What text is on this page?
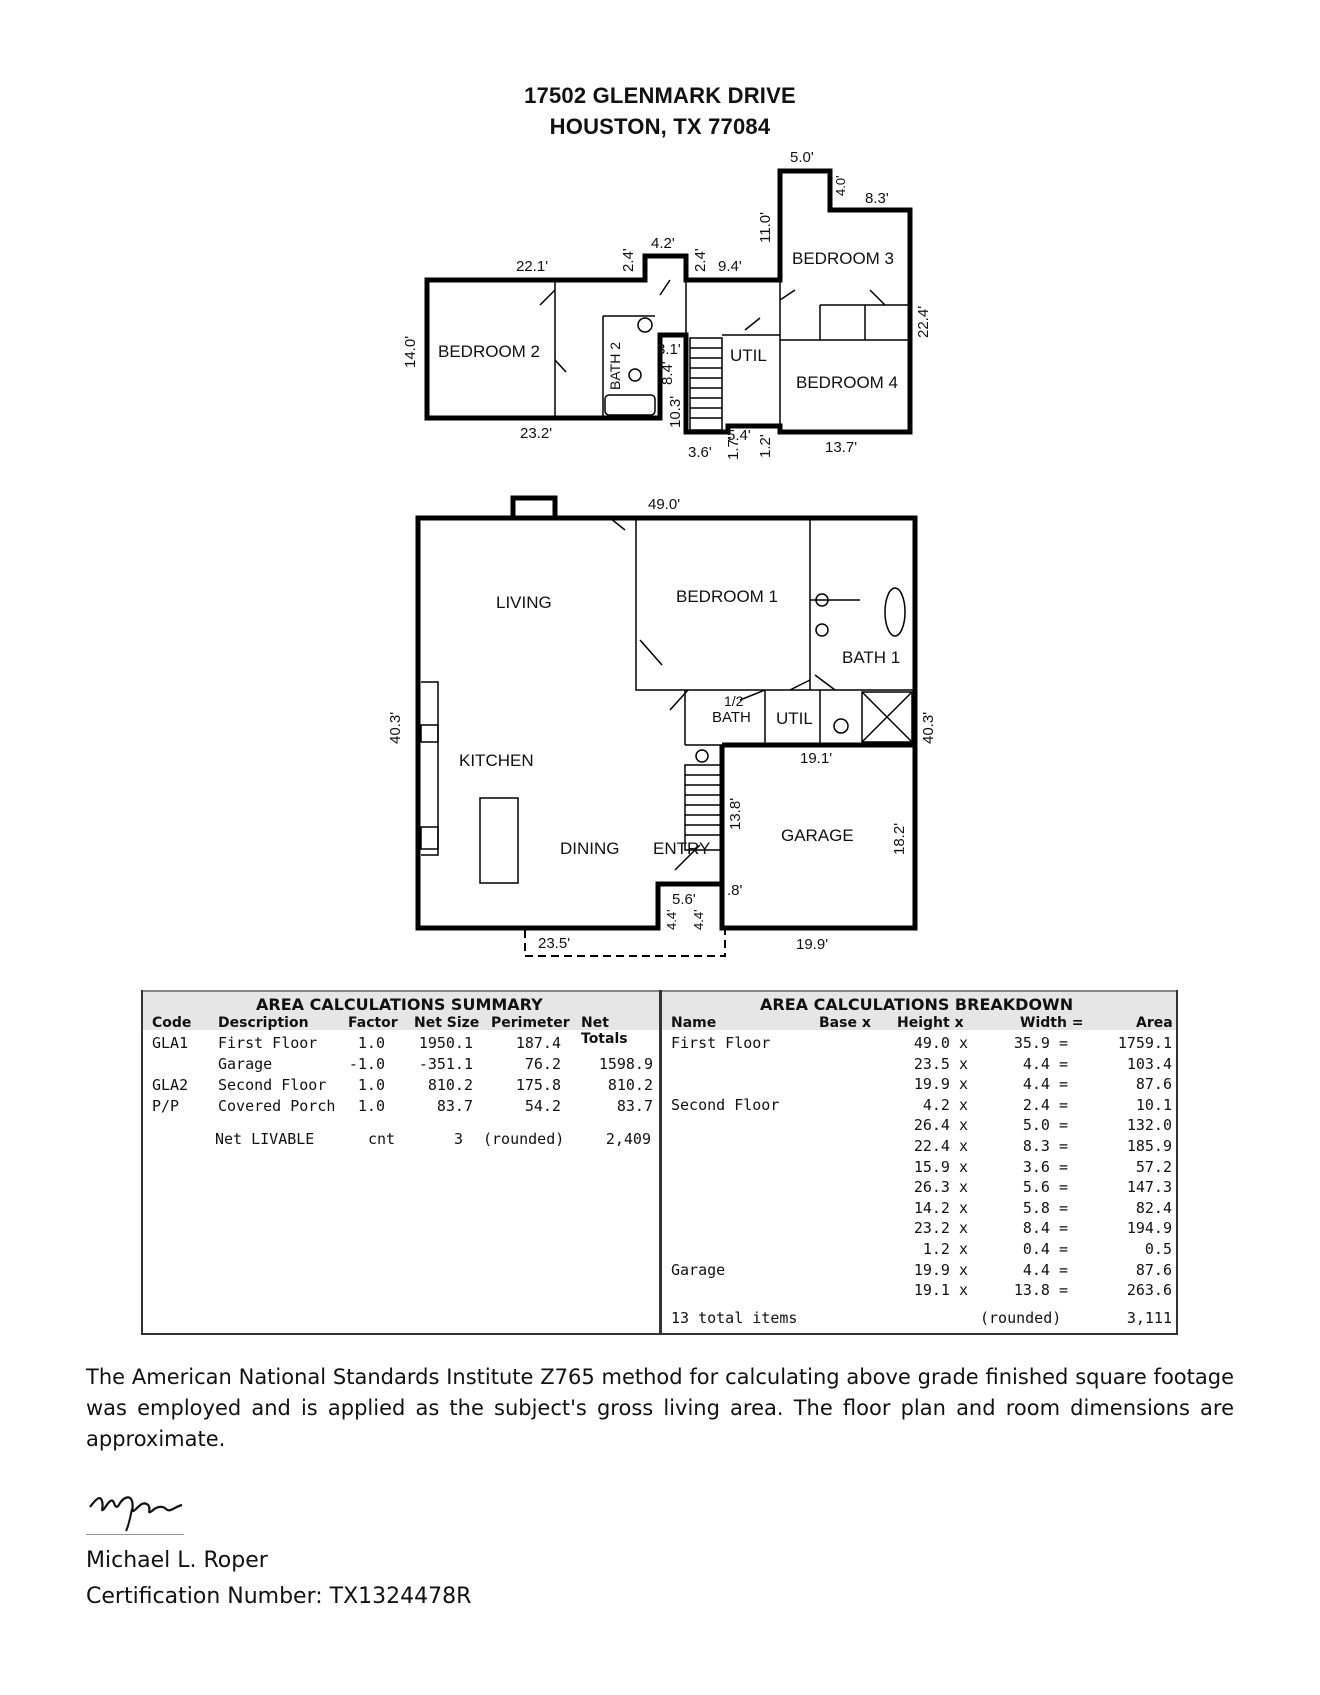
17502 GLENMARK DRIVE
HOUSTON, TX 77084
BEDROOM 2	BATH 2	UTIL
BEDROOM 3
BEDROOM 4
22.1'	2.4'
4.2'
2.4' 9.4'
11.0'
5.0'
4.0'
8.3'
14.0'	3.1'
8.4'
10.3'
22.4'
23.2'
3.6' 1.7'
5.4' 1.2'	13.7'
LIVING	BEDROOM 1
BATH 1
1/2
BATH UTIL
KITCHEN
DINING ENTRY
GARAGE
49.0'
40.3'	40.3'
19.1'
13.8'
18.2'
5.6'
4.4' 4.4'
.8'
23.5'	19.9'
AREA CALCULATIONS SUMMARY
Code Description	Factor Net Size Perimeter Net Totals
GLA1 First Floor	1.0	1950.1	187.4
Garage	-1.0	-351.1	76.2	1598.9
GLA2 Second Floor	1.0	810.2	175.8	810.2
P/P	Covered Porch	1.0	83.7	54.2	83.7
Net LIVABLE	cnt	3 (rounded)	2,409
AREA CALCULATIONS BREAKDOWN
Name	Base x Height x	Width =	Area
First Floor	49.0 x	35.9 =	1759.1
23.5 x	4.4 =	103.4
19.9 x	4.4 =	87.6
Second Floor	4.2 x	2.4 =	10.1
26.4 x	5.0 =	132.0
22.4 x	8.3 =	185.9
15.9 x	3.6 =	57.2
26.3 x	5.6 =	147.3
14.2 x	5.8 =	82.4
23.2 x	8.4 =	194.9
1.2 x	0.4 =	0.5
Garage	19.9 x	4.4 =	87.6
19.1 x	13.8 =	263.6
13 total items	(rounded)	3,111
The American National Standards Institute Z765 method for calculating above grade finished square footage was employed and is applied as the subject's gross living area. The floor plan and room dimensions are approximate.
Michael L. Roper
Certification Number: TX1324478R
